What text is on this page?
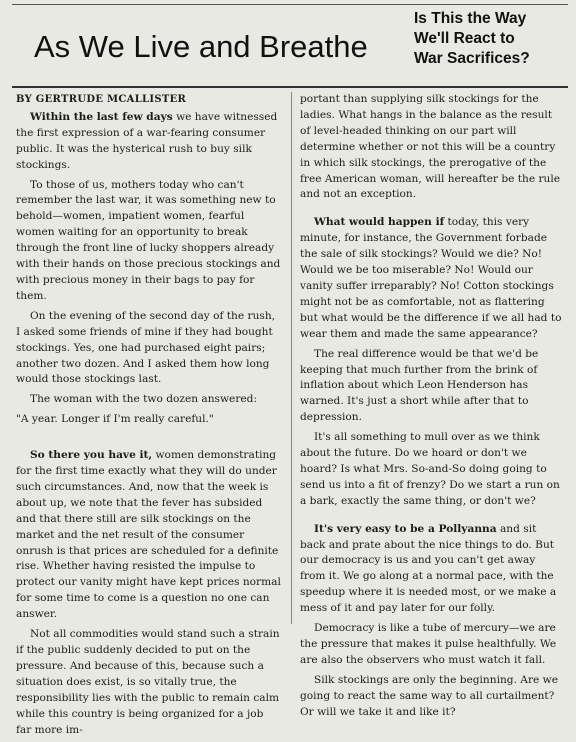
As We Live and Breathe
Is This the Way
We'll React to
War Sacrifices?
BY GERTRUDE MCALLISTER

Within the last few days we have witnessed the first expression of a war-fearing consumer public. It was the hysterical rush to buy silk stockings.

To those of us, mothers today who can't remember the last war, it was something new to behold—women, impatient women, fearful women waiting for an opportunity to break through the front line of lucky shoppers already with their hands on those precious stockings and with precious money in their bags to pay for them.

On the evening of the second day of the rush, I asked some friends of mine if they had bought stockings. Yes, one had purchased eight pairs; another two dozen. And I asked them how long would those stockings last.

The woman with the two dozen answered:

"A year. Longer if I'm really careful."

So there you have it, women demonstrating for the first time exactly what they will do under such circumstances. And, now that the week is about up, we note that the fever has subsided and that there still are silk stockings on the market and the net result of the consumer onrush is that prices are scheduled for a definite rise. Whether having resisted the impulse to protect our vanity might have kept prices normal for some time to come is a question no one can answer.

Not all commodities would stand such a strain if the public suddenly decided to put on the pressure. And because of this, because such a situation does exist, is so vitally true, the responsibility lies with the public to remain calm while this country is being organized for a job far more im-

portant than supplying silk stockings for the ladies. What hangs in the balance as the result of level-headed thinking on our part will determine whether or not this will be a country in which silk stockings, the prerogative of the free American woman, will hereafter be the rule and not an exception.

What would happen if today, this very minute, for instance, the Government forbade the sale of silk stockings? Would we die? No! Would we be too miserable? No! Would our vanity suffer irreparably? No! Cotton stockings might not be as comfortable, not as flattering but what would be the difference if we all had to wear them and made the same appearance?

The real difference would be that we'd be keeping that much further from the brink of inflation about which Leon Henderson has warned. It's just a short while after that to depression.

It's all something to mull over as we think about the future. Do we hoard or don't we hoard? Is what Mrs. So-and-So doing going to send us into a fit of frenzy? Do we start a run on a bark, exactly the same thing, or don't we?

It's very easy to be a Pollyanna and sit back and prate about the nice things to do. But our democracy is us and you can't get away from it. We go along at a normal pace, with the speedup where it is needed most, or we make a mess of it and pay later for our folly.

Democracy is like a tube of mercury—we are the pressure that makes it pulse healthfully. We are also the observers who must watch it fall.

Silk stockings are only the beginning. Are we going to react the same way to all curtailment? Or will we take it and like it?
